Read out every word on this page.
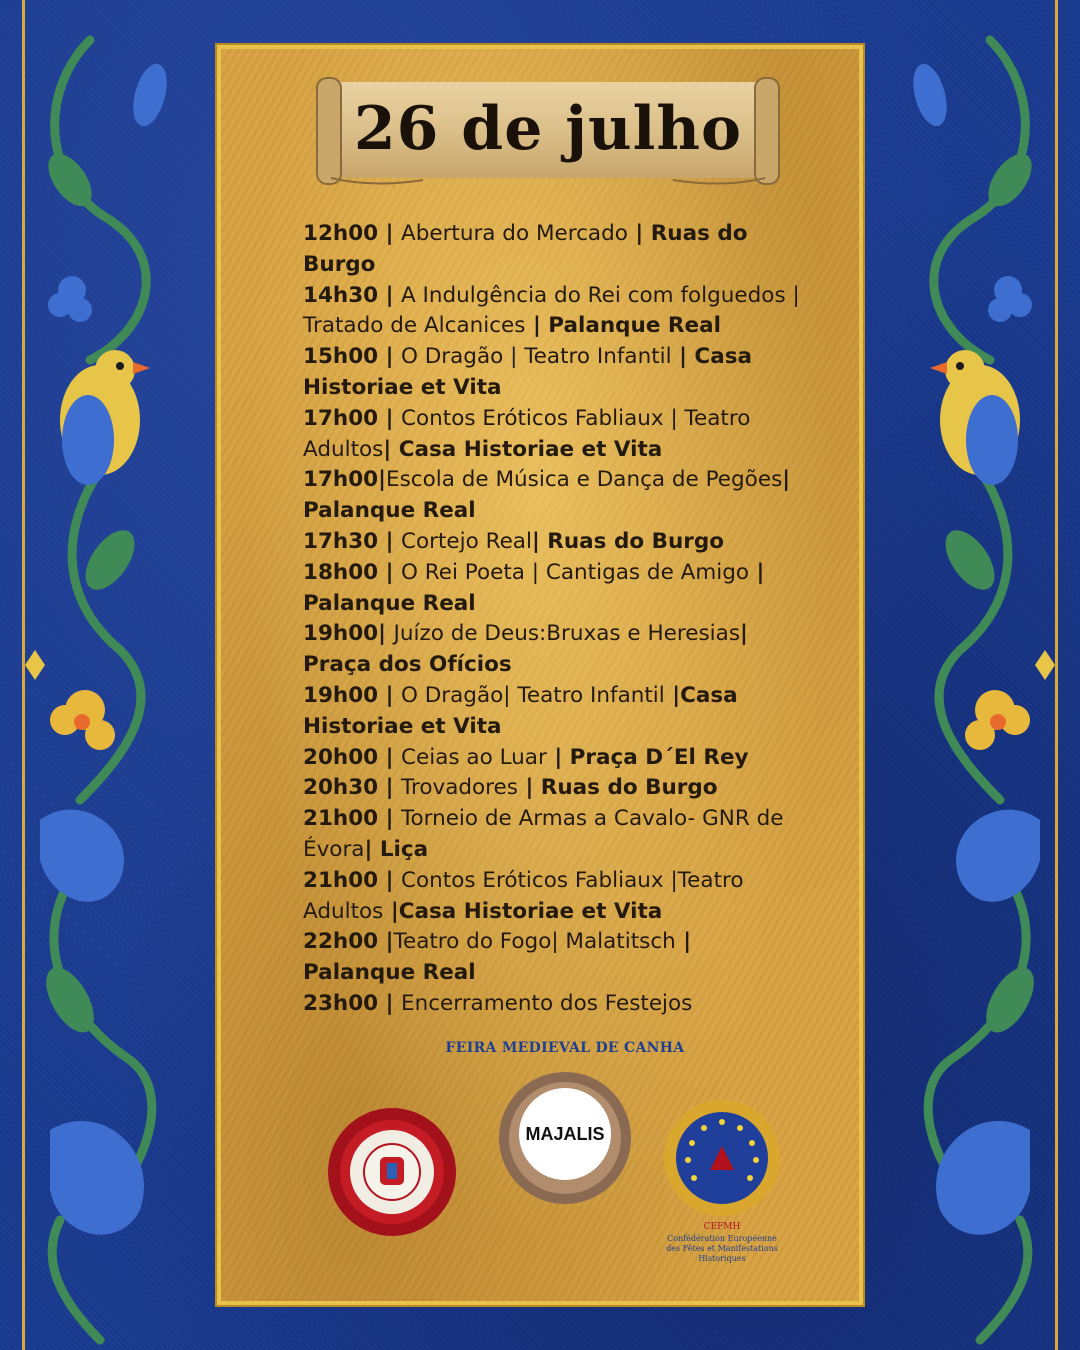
26 de julho

12h00 | Abertura do Mercado | Ruas do Burgo

14h30 | A Indulgência do Rei com folguedos | Tratado de Alcanices | Palanque Real

15h00 | O Dragão | Teatro Infantil | Casa Historiae et Vita

17h00 | Contos Eróticos Fabliaux | Teatro Adultos| Casa Historiae et Vita

17h00|Escola de Música e Dança de Pegões| Palanque Real

17h30 | Cortejo Real| Ruas do Burgo

18h00 | O Rei Poeta | Cantigas de Amigo | Palanque Real

19h00| Juízo de Deus:Bruxas e Heresias| Praça dos Ofícios

19h00 | O Dragão| Teatro Infantil |Casa Historiae et Vita

20h00 | Ceias ao Luar | Praça D´El Rey

20h30 | Trovadores | Ruas do Burgo

21h00 | Torneio de Armas a Cavalo- GNR de Évora| Liça

21h00 | Contos Eróticos Fabliaux |Teatro Adultos |Casa Historiae et Vita

22h00 |Teatro do Fogo| Malatitsch | Palanque Real

23h00 | Encerramento dos Festejos

FEIRA MEDIEVAL DE CANHA
MAJALIS
CEFMH
Confédération Européenne des Fêtes et Manifestations Historiques
